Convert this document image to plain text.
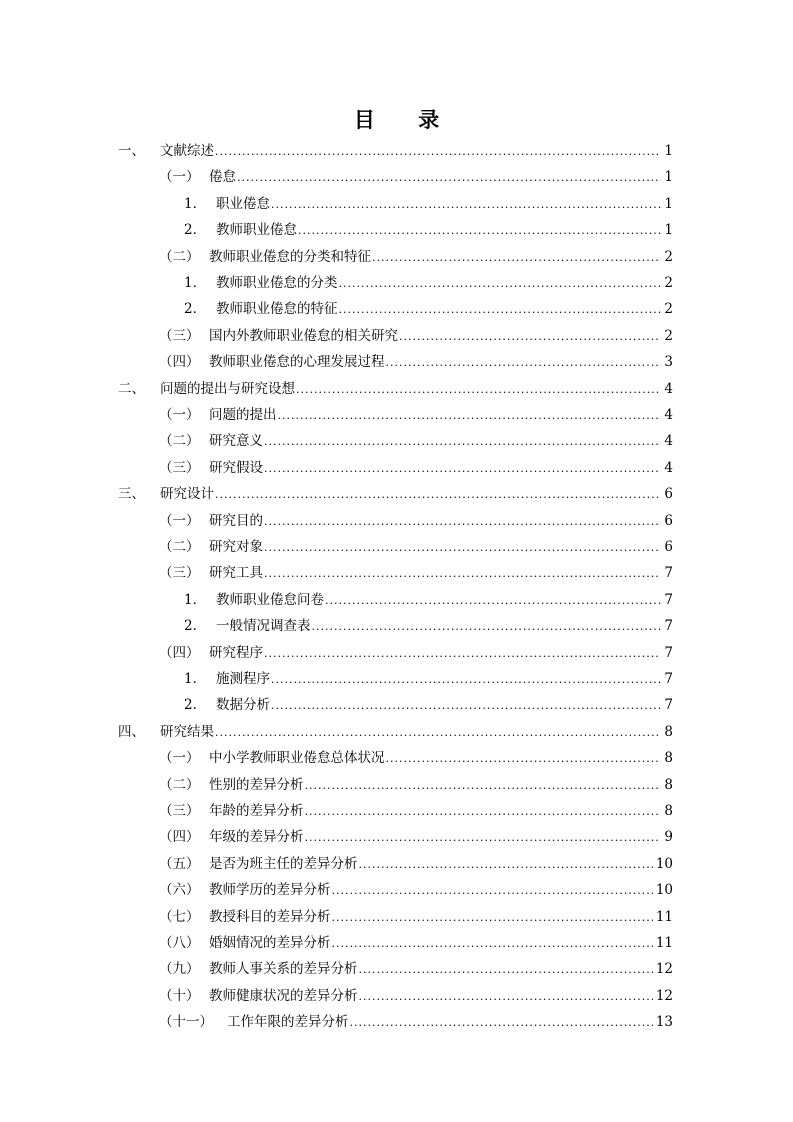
目 录
一、	文献综述 .....	1
（一） 倦怠 .....	1
1． 职业倦怠 .....	1
2． 教师职业倦怠 .....	1
（二） 教师职业倦怠的分类和特征 .....	2
1． 教师职业倦怠的分类 .....	2
2． 教师职业倦怠的特征 .....	2
（三） 国内外教师职业倦怠的相关研究 .....	2
（四） 教师职业倦怠的心理发展过程 .....	3
二、	问题的提出与研究设想 .....	4
（一） 问题的提出 .....	4
（二） 研究意义 .....	4
（三） 研究假设 .....	4
三、	研究设计 .....	6
（一） 研究目的 .....	6
（二） 研究对象 .....	6
（三） 研究工具 .....	7
1． 教师职业倦怠问卷 .....	7
2． 一般情况调查表 .....	7
（四） 研究程序 .....	7
1． 施测程序 .....	7
2． 数据分析 .....	7
四、	研究结果 .....	8
（一） 中小学教师职业倦怠总体状况 .....	8
（二） 性别的差异分析 .....	8
（三） 年龄的差异分析 .....	8
（四） 年级的差异分析 .....	9
（五） 是否为班主任的差异分析 .....	10
（六） 教师学历的差异分析 .....	10
（七） 教授科目的差异分析 .....	11
（八） 婚姻情况的差异分析 .....	11
（九） 教师人事关系的差异分析 .....	12
（十） 教师健康状况的差异分析 .....	12
（十一）	工作年限的差异分析 .....	13
